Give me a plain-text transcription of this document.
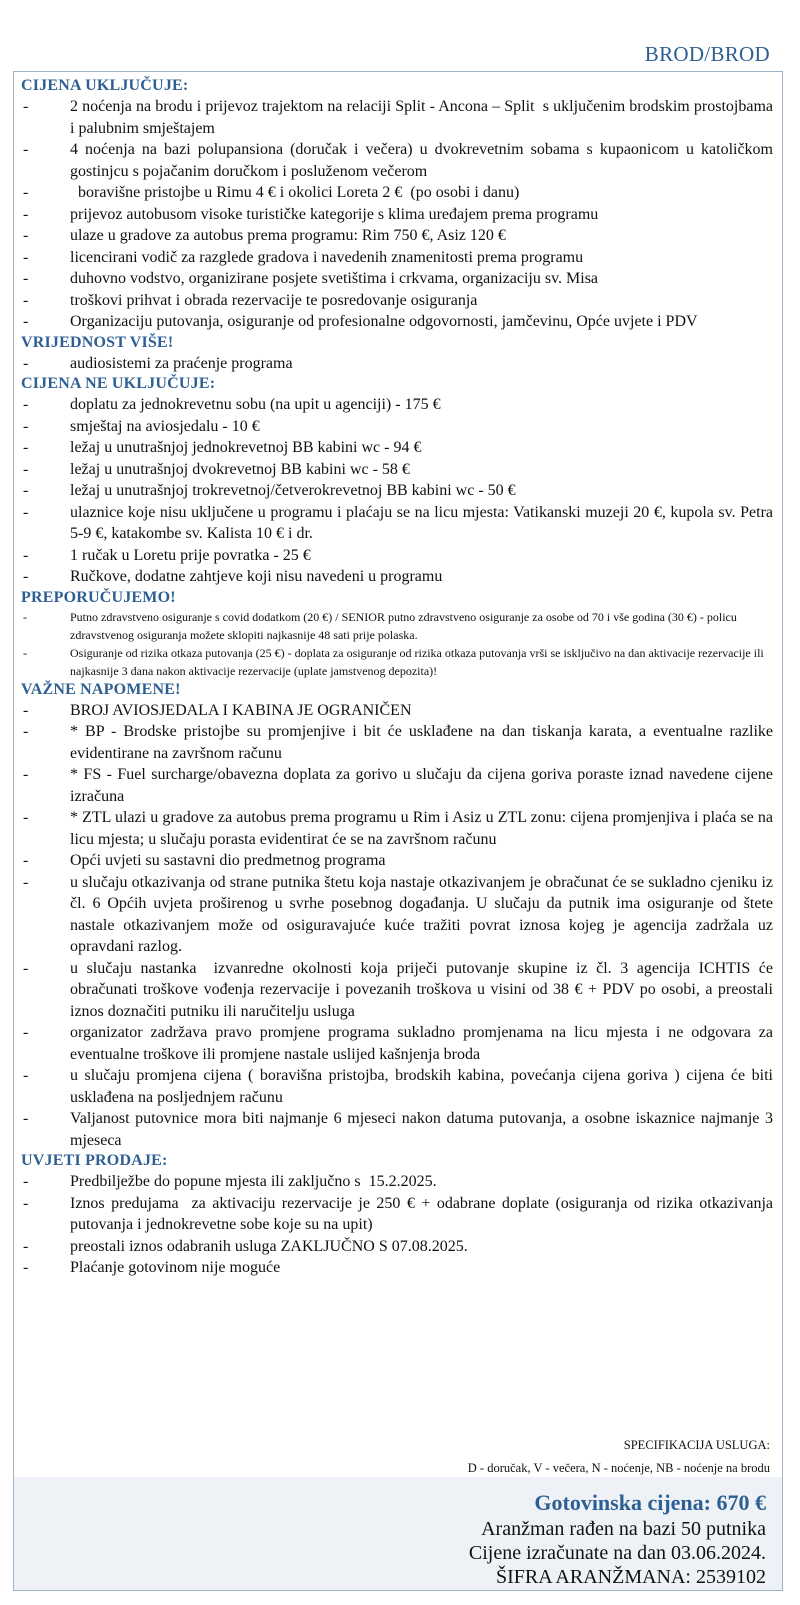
BROD/BROD
CIJENA UKLJUČUJE:
-	2 noćenja na brodu i prijevoz trajektom na relaciji Split - Ancona – Split  s uključenim brodskim prostojbama i palubnim smještajem
-	4 noćenja na bazi polupansiona (doručak i večera) u dvokrevetnim sobama s kupaonicom u katoličkom gostinjcu s pojačanim doručkom i posluženom večerom
-	boravišne pristojbe u Rimu 4 € i okolici Loreta 2 €  (po osobi i danu)
-	prijevoz autobusom visoke turističke kategorije s klima uređajem prema programu
-	ulaze u gradove za autobus prema programu: Rim 750 €, Asiz 120 €
-	licencirani vodič za razglede gradova i navedenih znamenitosti prema programu
-	duhovno vodstvo, organizirane posjete svetištima i crkvama, organizaciju sv. Misa
-	troškovi prihvat i obrada rezervacije te posredovanje osiguranja
-	Organizaciju putovanja, osiguranje od profesionalne odgovornosti, jamčevinu, Opće uvjete i PDV
VRIJEDNOST VIŠE!
-	audiosistemi za praćenje programa
CIJENA NE UKLJUČUJE:
-	doplatu za jednokrevetnu sobu (na upit u agenciji) - 175 €
-	smještaj na aviosjedalu - 10 €
-	ležaj u unutrašnjoj jednokrevetnoj BB kabini wc - 94 €
-	ležaj u unutrašnjoj dvokrevetnoj BB kabini wc - 58 €
-	ležaj u unutrašnjoj trokrevetnoj/četverokrevetnoj BB kabini wc - 50 €
-	ulaznice koje nisu uključene u programu i plaćaju se na licu mjesta: Vatikanski muzeji 20 €, kupola sv. Petra 5-9 €, katakombe sv. Kalista 10 € i dr.
-	1 ručak u Loretu prije povratka - 25 €
-	Ručkove, dodatne zahtjeve koji nisu navedeni u programu
PREPORUČUJEMO!
-	Putno zdravstveno osiguranje s covid dodatkom (20 €) / SENIOR putno zdravstveno osiguranje za osobe od 70 i vše godina (30 €) - policu zdravstvenog osiguranja možete sklopiti najkasnije 48 sati prije polaska.
-	Osiguranje od rizika otkaza putovanja (25 €) - doplata za osiguranje od rizika otkaza putovanja vrši se isključivo na dan aktivacije rezervacije ili najkasnije 3 dana nakon aktivacije rezervacije (uplate jamstvenog depozita)!
VAŽNE NAPOMENE!
-	BROJ AVIOSJEDALA I KABINA JE OGRANIČEN
-	* BP - Brodske pristojbe su promjenjive i bit će usklađene na dan tiskanja karata, a eventualne razlike evidentirane na završnom računu
-	* FS - Fuel surcharge/obavezna doplata za gorivo u slučaju da cijena goriva poraste iznad navedene cijene izračuna
-	* ZTL ulazi u gradove za autobus prema programu u Rim i Asiz u ZTL zonu: cijena promjenjiva i plaća se na licu mjesta; u slučaju porasta evidentirat će se na završnom računu
-	Opći uvjeti su sastavni dio predmetnog programa
-	u slučaju otkazivanja od strane putnika štetu koja nastaje otkazivanjem je obračunat će se sukladno cjeniku iz čl. 6 Općih uvjeta proširenog u svrhe posebnog događanja. U slučaju da putnik ima osiguranje od štete  nastale otkazivanjem može od osiguravajuće kuće tražiti povrat iznosa kojeg je agencija zadržala uz opravdani razlog.
-	u slučaju nastanka  izvanredne okolnosti koja priječi putovanje skupine iz čl. 3 agencija ICHTIS će obračunati troškove vođenja rezervacije i povezanih troškova u visini od 38 € + PDV po osobi, a preostali iznos doznačiti putniku ili naručitelju usluga
-	organizator zadržava pravo promjene programa sukladno promjenama na licu mjesta i ne odgovara za eventualne troškove ili promjene nastale uslijed kašnjenja broda
-	u slučaju promjena cijena ( boravišna pristojba, brodskih kabina, povećanja cijena goriva ) cijena će biti usklađena na posljednjem računu
-	Valjanost putovnice mora biti najmanje 6 mjeseci nakon datuma putovanja, a osobne iskaznice najmanje 3 mjeseca
UVJETI PRODAJE:
-	Predbilježbe do popune mjesta ili zaključno s  15.2.2025.
-	Iznos predujama  za aktivaciju rezervacije je 250 € + odabrane doplate (osiguranja od rizika otkazivanja putovanja i jednokrevetne sobe koje su na upit)
-	preostali iznos odabranih usluga ZAKLJUČNO S 07.08.2025.
-	Plaćanje gotovinom nije moguće
SPECIFIKACIJA USLUGA:
D - doručak, V - večera, N - noćenje, NB - noćenje na brodu
Gotovinska cijena: 670 €
Aranžman rađen na bazi 50 putnika
Cijene izračunate na dan 03.06.2024.
ŠIFRA ARANŽMANA: 2539102
